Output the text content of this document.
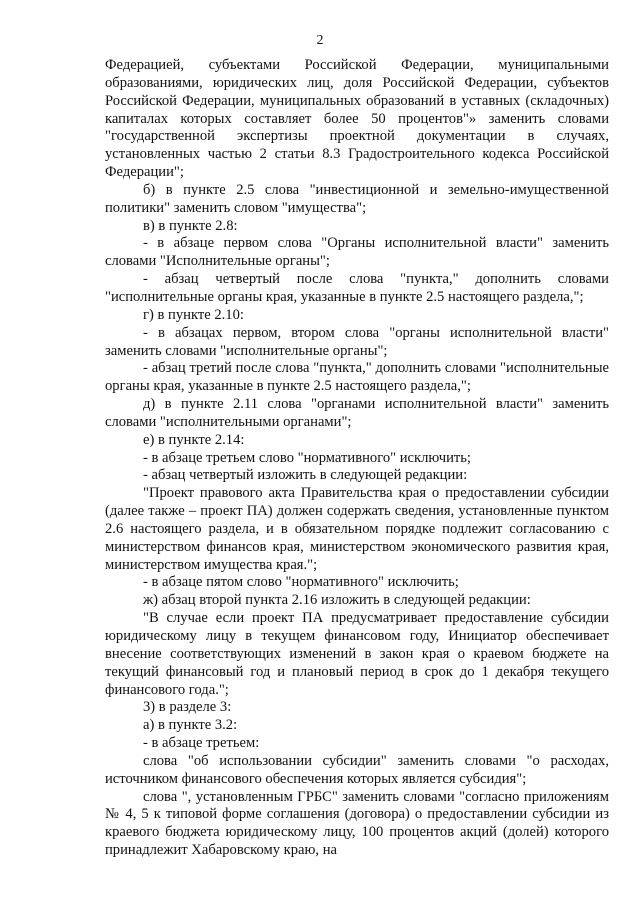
2

Федерацией, субъектами Российской Федерации, муниципальными образованиями, юридических лиц, доля Российской Федерации, субъектов Российской Федерации, муниципальных образований в уставных (складочных) капиталах которых составляет более 50 процентов"» заменить словами "государственной экспертизы проектной документации в случаях, установленных частью 2 статьи 8.3 Градостроительного кодекса Российской Федерации";

б) в пункте 2.5 слова "инвестиционной и земельно-имущественной политики" заменить словом "имущества";

в) в пункте 2.8:

- в абзаце первом слова "Органы исполнительной власти" заменить словами "Исполнительные органы";

- абзац четвертый после слова "пункта," дополнить словами "исполнительные органы края, указанные в пункте 2.5 настоящего раздела,";

г) в пункте 2.10:

- в абзацах первом, втором слова "органы исполнительной власти" заменить словами "исполнительные органы";

- абзац третий после слова "пункта," дополнить словами "исполнительные органы края, указанные в пункте 2.5 настоящего раздела,";

д) в пункте 2.11 слова "органами исполнительной власти" заменить словами "исполнительными органами";

е) в пункте 2.14:

- в абзаце третьем слово "нормативного" исключить;

- абзац четвертый изложить в следующей редакции:

"Проект правового акта Правительства края о предоставлении субсидии (далее также – проект ПА) должен содержать сведения, установленные пунктом 2.6 настоящего раздела, и в обязательном порядке подлежит согласованию с министерством финансов края, министерством экономического развития края, министерством имущества края.";

- в абзаце пятом слово "нормативного" исключить;

ж) абзац второй пункта 2.16 изложить в следующей редакции:

"В случае если проект ПА предусматривает предоставление субсидии юридическому лицу в текущем финансовом году, Инициатор обеспечивает внесение соответствующих изменений в закон края о краевом бюджете на текущий финансовый год и плановый период в срок до 1 декабря текущего финансового года.";

3) в разделе 3:

а) в пункте 3.2:

- в абзаце третьем:

слова "об использовании субсидии" заменить словами "о расходах, источником финансового обеспечения которых является субсидия";

слова ", установленным ГРБС" заменить словами "согласно приложениям № 4, 5 к типовой форме соглашения (договора) о предоставлении субсидии из краевого бюджета юридическому лицу, 100 процентов акций (долей) которого принадлежит Хабаровскому краю, на
